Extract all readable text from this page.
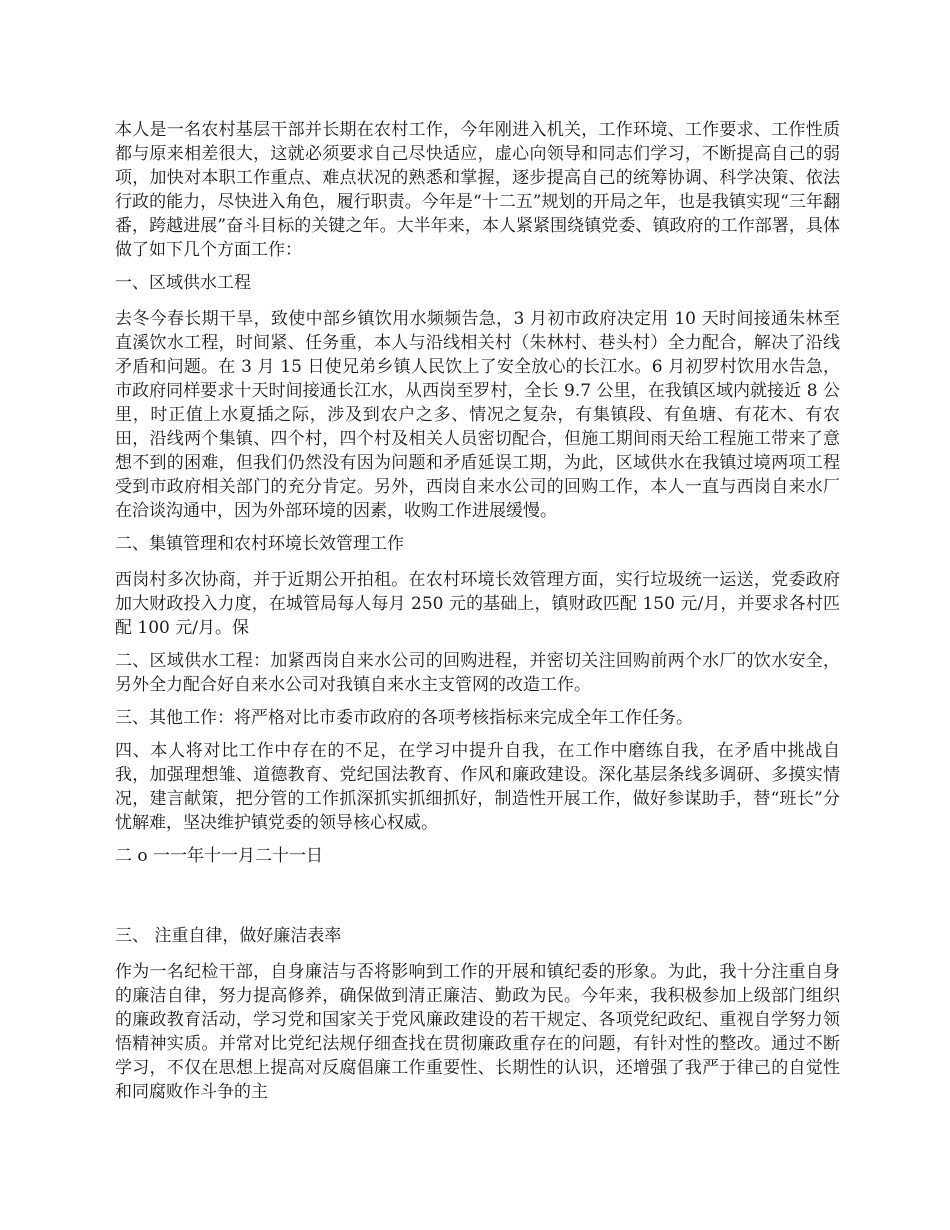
本人是一名农村基层干部并长期在农村工作，今年刚进入机关，工作环境、工作要求、工作性质都与原来相差很大，这就必须要求自己尽快适应，虚心向领导和同志们学习，不断提高自己的弱项，加快对本职工作重点、难点状况的熟悉和掌握，逐步提高自己的统筹协调、科学决策、依法行政的能力，尽快进入角色，履行职责。今年是“十二五”规划的开局之年，也是我镇实现“三年翻番，跨越进展”奋斗目标的关键之年。大半年来，本人紧紧围绕镇党委、镇政府的工作部署，具体做了如下几个方面工作：

一、区域供水工程

去冬今春长期干旱，致使中部乡镇饮用水频频告急，3 月初市政府决定用 10 天时间接通朱林至直溪饮水工程，时间紧、任务重，本人与沿线相关村（朱林村、巷头村）全力配合，解决了沿线矛盾和问题。在 3 月 15 日使兄弟乡镇人民饮上了安全放心的长江水。6 月初罗村饮用水告急，市政府同样要求十天时间接通长江水，从西岗至罗村，全长 9.7 公里，在我镇区域内就接近 8 公里，时正值上水夏插之际，涉及到农户之多、情况之复杂，有集镇段、有鱼塘、有花木、有农田，沿线两个集镇、四个村，四个村及相关人员密切配合，但施工期间雨天给工程施工带来了意想不到的困难，但我们仍然没有因为问题和矛盾延误工期，为此，区域供水在我镇过境两项工程受到市政府相关部门的充分肯定。另外，西岗自来水公司的回购工作，本人一直与西岗自来水厂在洽谈沟通中，因为外部环境的因素，收购工作进展缓慢。

二、集镇管理和农村环境长效管理工作

西岗村多次协商，并于近期公开拍租。在农村环境长效管理方面，实行垃圾统一运送，党委政府加大财政投入力度，在城管局每人每月 250 元的基础上，镇财政匹配 150 元/月，并要求各村匹配 100 元/月。保

二、区域供水工程：加紧西岗自来水公司的回购进程，并密切关注回购前两个水厂的饮水安全，另外全力配合好自来水公司对我镇自来水主支管网的改造工作。

三、其他工作：将严格对比市委市政府的各项考核指标来完成全年工作任务。

四、本人将对比工作中存在的不足，在学习中提升自我，在工作中磨练自我，在矛盾中挑战自我，加强理想雏、道德教育、党纪国法教育、作风和廉政建设。深化基层条线多调研、多摸实情况，建言献策，把分管的工作抓深抓实抓细抓好，制造性开展工作，做好参谋助手，替“班长”分忧解难，坚决维护镇党委的领导核心权威。

二 o 一一年十一月二十一日

三、 注重自律，做好廉洁表率

作为一名纪检干部，自身廉洁与否将影响到工作的开展和镇纪委的形象。为此，我十分注重自身的廉洁自律，努力提高修养，确保做到清正廉洁、勤政为民。今年来，我积极参加上级部门组织的廉政教育活动，学习党和国家关于党风廉政建设的若干规定、各项党纪政纪、重视自学努力领悟精神实质。并常对比党纪法规仔细查找在贯彻廉政重存在的问题，有针对性的整改。通过不断学习，不仅在思想上提高对反腐倡廉工作重要性、长期性的认识，还增强了我严于律己的自觉性和同腐败作斗争的主
